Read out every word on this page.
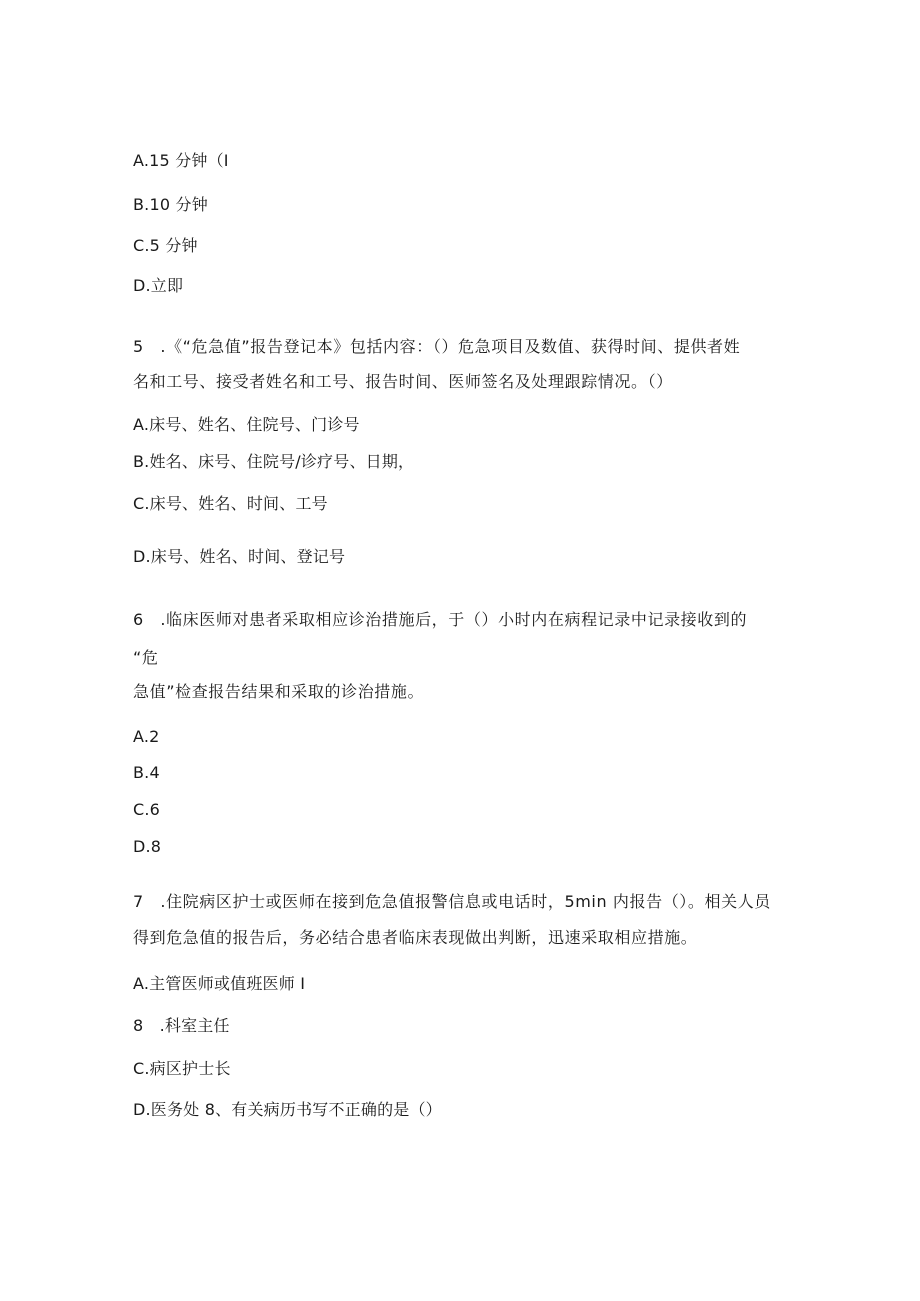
A.15 分钟（I
B.10 分钟
C.5 分钟
D.立即
5　.《“危急值”报告登记本》包括内容：（）危急项目及数值、获得时间、提供者姓
名和工号、接受者姓名和工号、报告时间、医师签名及处理跟踪情况。（）
A.床号、姓名、住院号、门诊号
B.姓名、床号、住院号/诊疗号、日期，
C.床号、姓名、时间、工号
D.床号、姓名、时间、登记号
6　.临床医师对患者采取相应诊治措施后，于（）小时内在病程记录中记录接收到的
“危
急值”检查报告结果和采取的诊治措施。
A.2
B.4
C.6
D.8
7　.住院病区护士或医师在接到危急值报警信息或电话时，5min 内报告（）。相关人员
得到危急值的报告后，务必结合患者临床表现做出判断，迅速采取相应措施。
A.主管医师或值班医师 I
8　.科室主任
C.病区护士长
D.医务处 8、有关病历书写不正确的是（）
